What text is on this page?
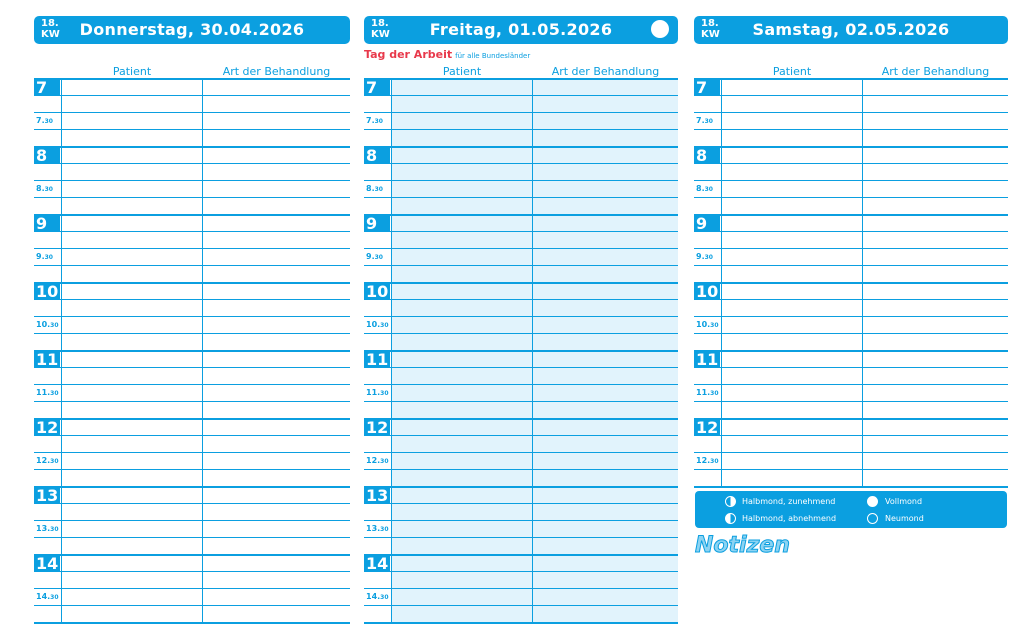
18.
KW	Donnerstag, 30.04.2026
Patient	Art der Behandlung
7
7.30
8
8.30
9
9.30
10
10.30
11
11.30
12
12.30
13
13.30
14
14.30
18.
KW	Freitag, 01.05.2026
Tag der Arbeit für alle Bundesländer
Patient	Art der Behandlung
7
7.30
8
8.30
9
9.30
10
10.30
11
11.30
12
12.30
13
13.30
14
14.30
18.
KW	Samstag, 02.05.2026
Patient	Art der Behandlung
7
7.30
8
8.30
9
9.30
10
10.30
11
11.30
12
12.30
Halbmond, zunehmend	Vollmond
Halbmond, abnehmend	Neumond
Notizen
